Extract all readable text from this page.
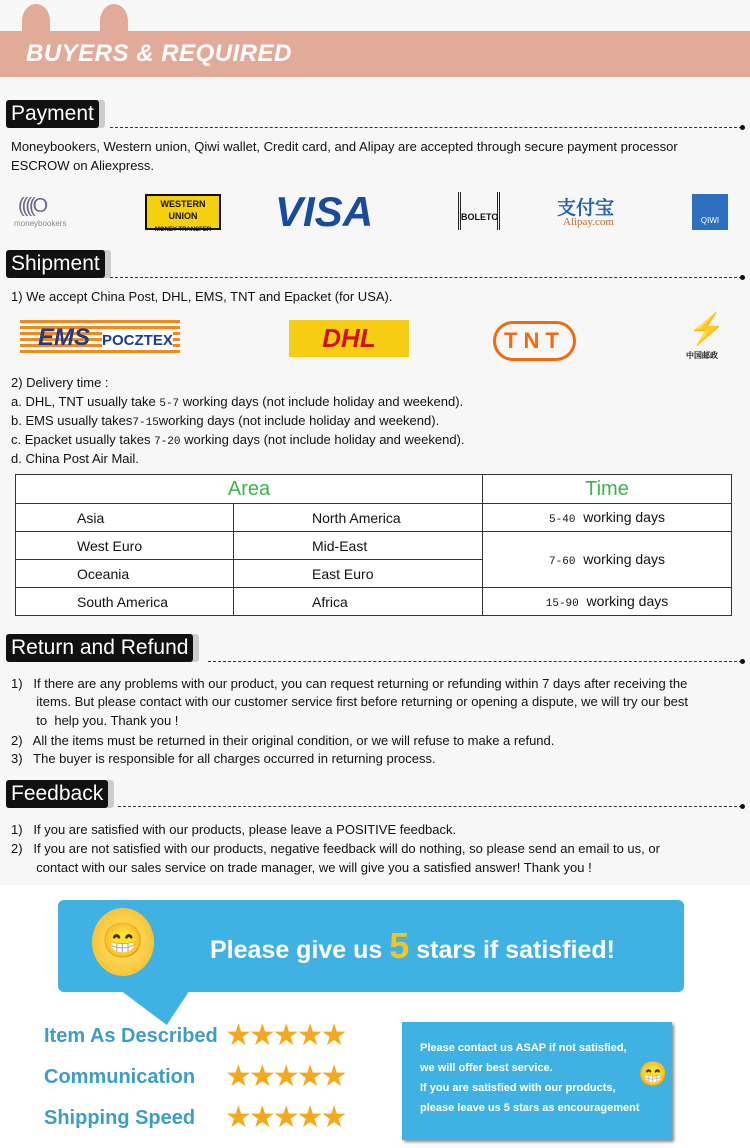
BUYERS & REQUIRED
Payment
Moneybookers, Western union, Qiwi wallet, Credit card, and Alipay are accepted through secure payment processor
ESCROW on Aliexpress.
((((O
moneybookers
WESTERN UNION
MONEY TRANSFER VISA	BOLETO	支付宝
Alipay.com	QIWI
Shipment
1) We accept China Post, DHL, EMS, TNT and Epacket (for USA).
EMS POCZTEX	DHL	TNT	⚡
中国邮政
2) Delivery time :
a. DHL, TNT usually take 5-7 working days (not include holiday and weekend).
b. EMS usually takes7-15working days (not include holiday and weekend).
c. Epacket usually takes 7-20 working days (not include holiday and weekend).
d. China Post Air Mail.
Area		Time
Asia	North America	5-40 working days
West Euro	Mid-East	7-60 working days
Oceania	East Euro	
South America	Africa	15-90 working days
Return and Refund
1)   If there are any problems with our product, you can request returning or refunding within 7 days after receiving the
items. But please contact with our customer service first before returning or opening a dispute, we will try our best
to  help you. Thank you !
2)   All the items must be returned in their original condition, or we will refuse to make a refund.
3)   The buyer is responsible for all charges occurred in returning process.
Feedback
1)   If you are satisfied with our products, please leave a POSITIVE feedback.
2)   If you are not satisfied with our products, negative feedback will do nothing, so please send an email to us, or
contact with our sales service on trade manager, we will give you a satisfied answer! Thank you !
😁	Please give us 5 stars if satisfied!
Item As Described
Communication
Shipping Speed
★★★★★
★★★★★
★★★★★
Please contact us ASAP if not satisfied,
we will offer best service.
If you are satisfied with our products,
please leave us 5 stars as encouragement
😁
